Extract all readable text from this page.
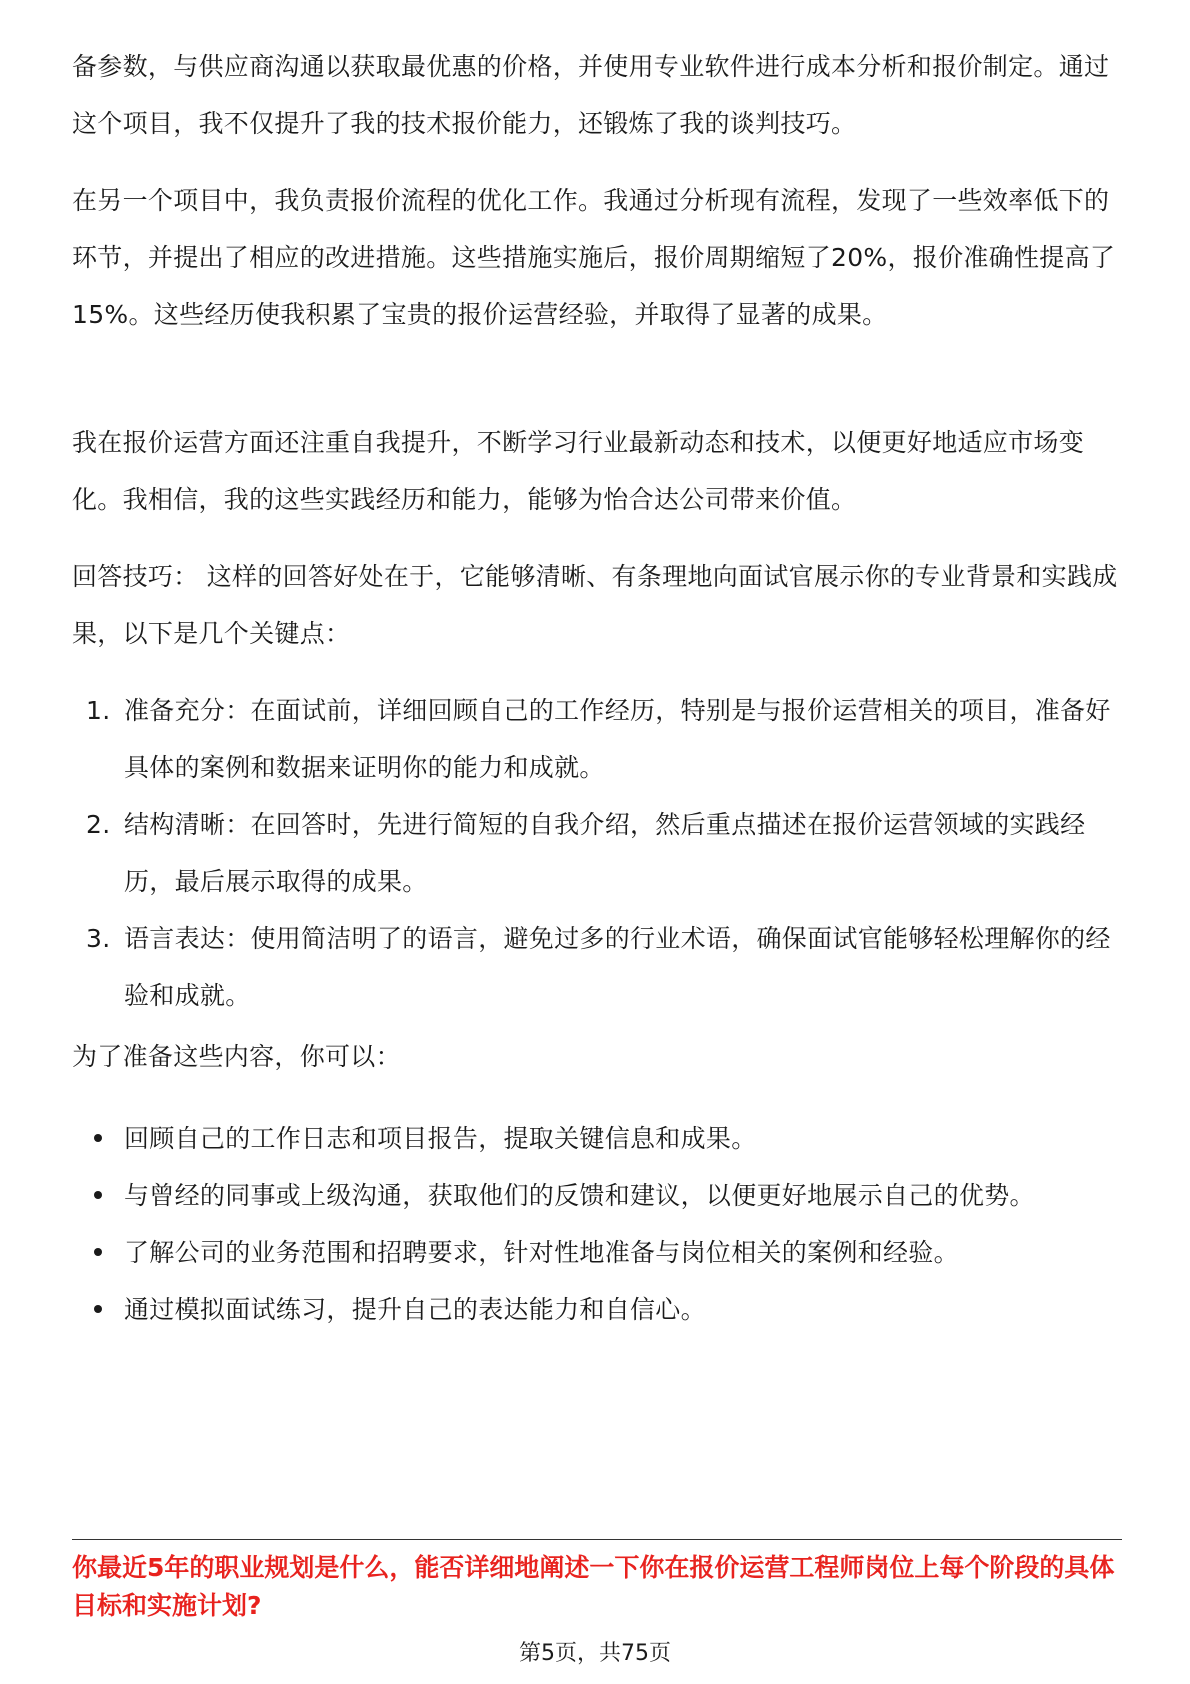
备参数，与供应商沟通以获取最优惠的价格，并使用专业软件进行成本分析和报价制定。通过这个项目，我不仅提升了我的技术报价能力，还锻炼了我的谈判技巧。

在另一个项目中，我负责报价流程的优化工作。我通过分析现有流程，发现了一些效率低下的环节，并提出了相应的改进措施。这些措施实施后，报价周期缩短了20%，报价准确性提高了15%。这些经历使我积累了宝贵的报价运营经验，并取得了显著的成果。

我在报价运营方面还注重自我提升，不断学习行业最新动态和技术，以便更好地适应市场变化。我相信，我的这些实践经历和能力，能够为怡合达公司带来价值。

回答技巧： 这样的回答好处在于，它能够清晰、有条理地向面试官展示你的专业背景和实践成果，以下是几个关键点：

1. 准备充分：在面试前，详细回顾自己的工作经历，特别是与报价运营相关的项目，准备好具体的案例和数据来证明你的能力和成就。
2. 结构清晰：在回答时，先进行简短的自我介绍，然后重点描述在报价运营领域的实践经历，最后展示取得的成果。
3. 语言表达：使用简洁明了的语言，避免过多的行业术语，确保面试官能够轻松理解你的经验和成就。

为了准备这些内容，你可以：

回顾自己的工作日志和项目报告，提取关键信息和成果。
与曾经的同事或上级沟通，获取他们的反馈和建议，以便更好地展示自己的优势。
了解公司的业务范围和招聘要求，针对性地准备与岗位相关的案例和经验。
通过模拟面试练习，提升自己的表达能力和自信心。

你最近5年的职业规划是什么，能否详细地阐述一下你在报价运营工程师岗位上每个阶段的具体目标和实施计划?

第5页，共75页
